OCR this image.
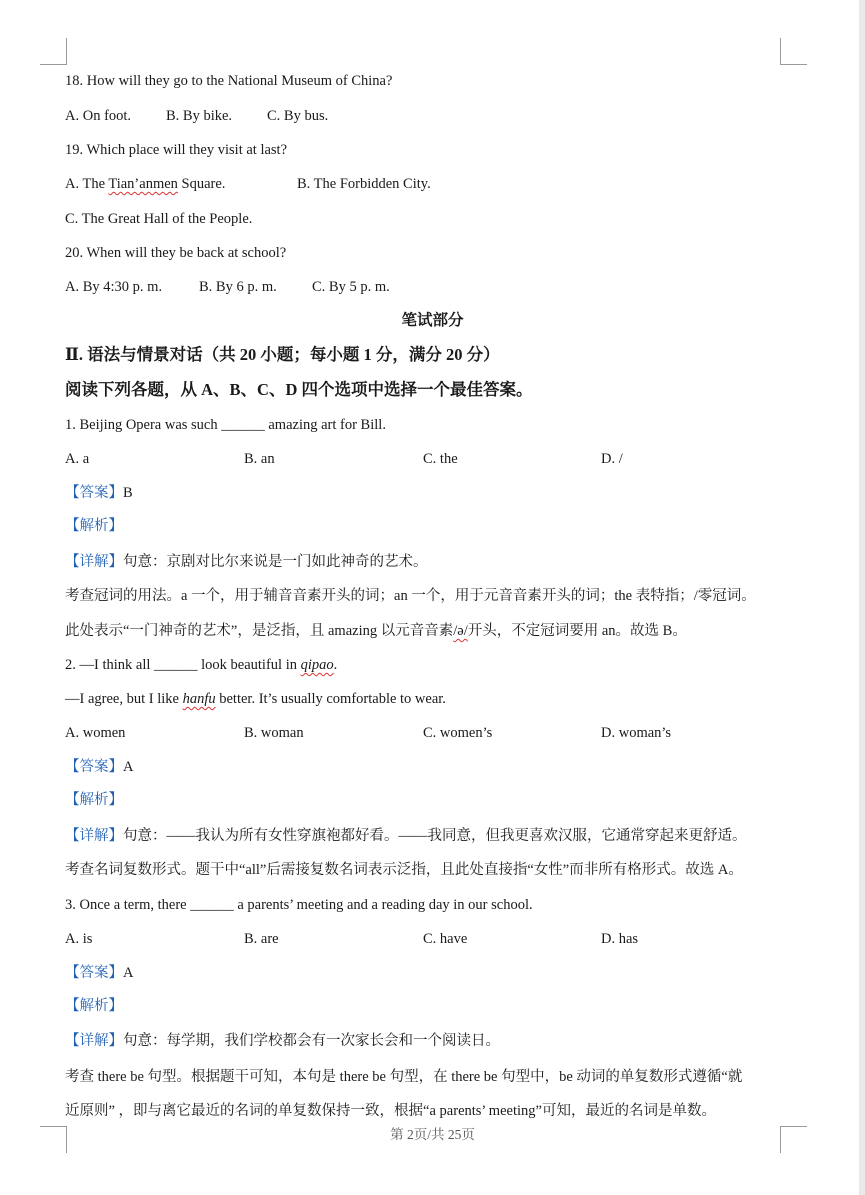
18. How will they go to the National Museum of China?
A. On foot. B. By bike. C. By bus.
19. Which place will they visit at last?
A. The Tian’anmen Square.	B. The Forbidden City.
C. The Great Hall of the People.
20. When will they be back at school?
A. By 4:30 p. m.	B. By 6 p. m. C. By 5 p. m.
笔试部分
Ⅱ. 语法与情景对话（共 20 小题；每小题 1 分，满分 20 分）
阅读下列各题，从 A、B、C、D 四个选项中选择一个最佳答案。
1. Beijing Opera was such ______ amazing art for Bill.
A. a	B. an	C. the	D. /
【答案】B
【解析】
【详解】句意：京剧对比尔来说是一门如此神奇的艺术。
考查冠词的用法。a 一个，用于辅音音素开头的词；an 一个，用于元音音素开头的词；the 表特指；/零冠词。
此处表示“一门神奇的艺术”，是泛指，且 amazing 以元音音素/ə/开头，不定冠词要用 an。故选 B。
2. —I think all ______ look beautiful in qipao.
—I agree, but I like hanfu better. It’s usually comfortable to wear.
A. women	B. woman	C. women’s	D. woman’s
【答案】A
【解析】
【详解】句意：——我认为所有女性穿旗袍都好看。——我同意，但我更喜欢汉服，它通常穿起来更舒适。
考查名词复数形式。题干中“all”后需接复数名词表示泛指，且此处直接指“女性”而非所有格形式。故选 A。
3. Once a term, there ______ a parents’ meeting and a reading day in our school.
A. is	B. are	C. have	D. has
【答案】A
【解析】
【详解】句意：每学期，我们学校都会有一次家长会和一个阅读日。
考查 there be 句型。根据题干可知，本句是 there be 句型，在 there be 句型中，be 动词的单复数形式遵循“就
近原则” ，即与离它最近的名词的单复数保持一致，根据“a parents’ meeting”可知，最近的名词是单数。
第 2页/共 25页
